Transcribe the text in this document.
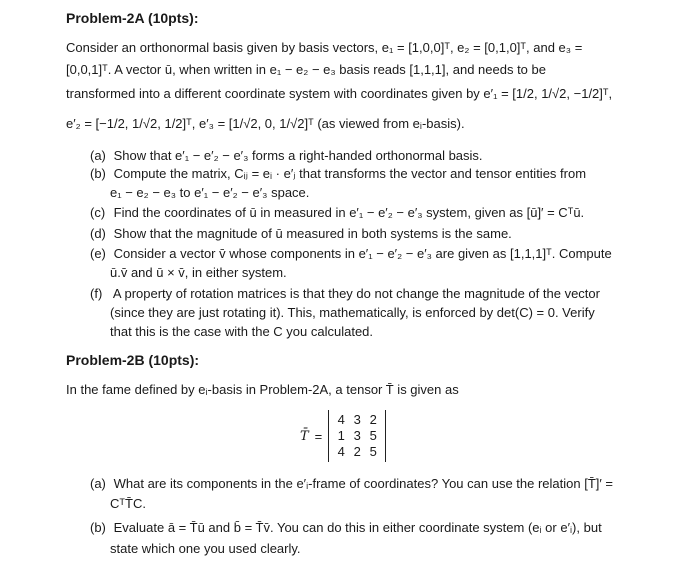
Problem-2A (10pts):
Consider an orthonormal basis given by basis vectors, e₁ = [1,0,0]ᵀ, e₂ = [0,1,0]ᵀ, and e₃ =
[0,0,1]ᵀ. A vector ū, when written in e₁ − e₂ − e₃ basis reads [1,1,1], and needs to be
transformed into a different coordinate system with coordinates given by e′₁ = [1/2, 1/√2, −1/2]ᵀ,
e′₂ = [−1/2, 1/√2, 1/2]ᵀ, e′₃ = [1/√2, 0, 1/√2]ᵀ (as viewed from eᵢ-basis).
(a) Show that e′₁ − e′₂ − e′₃ forms a right-handed orthonormal basis.
(b) Compute the matrix, Cᵢⱼ = eᵢ · e′ⱼ that transforms the vector and tensor entities from
e₁ − e₂ − e₃ to e′₁ − e′₂ − e′₃ space.
(c) Find the coordinates of ū in measured in e′₁ − e′₂ − e′₃ system, given as [ū]′ = Cᵀū.
(d) Show that the magnitude of ū measured in both systems is the same.
(e) Consider a vector v̄ whose components in e′₁ − e′₂ − e′₃ are given as [1,1,1]ᵀ. Compute
ū.v̄ and ū × v̄, in either system.
(f) A property of rotation matrices is that they do not change the magnitude of the vector
(since they are just rotating it). This, mathematically, is enforced by det(C) = 0. Verify
that this is the case with the C you calculated.
Problem-2B (10pts):
In the fame defined by eᵢ-basis in Problem-2A, a tensor T̄ is given as
T̄ =
4 3 2
1 3 5
4 2 5
(a) What are its components in the e′ᵢ-frame of coordinates? You can use the relation [T̄]′ =
CᵀT̄C.
(b) Evaluate ā = T̄ū and b̄ = T̄v̄. You can do this in either coordinate system (eᵢ or e′ᵢ), but
state which one you used clearly.
